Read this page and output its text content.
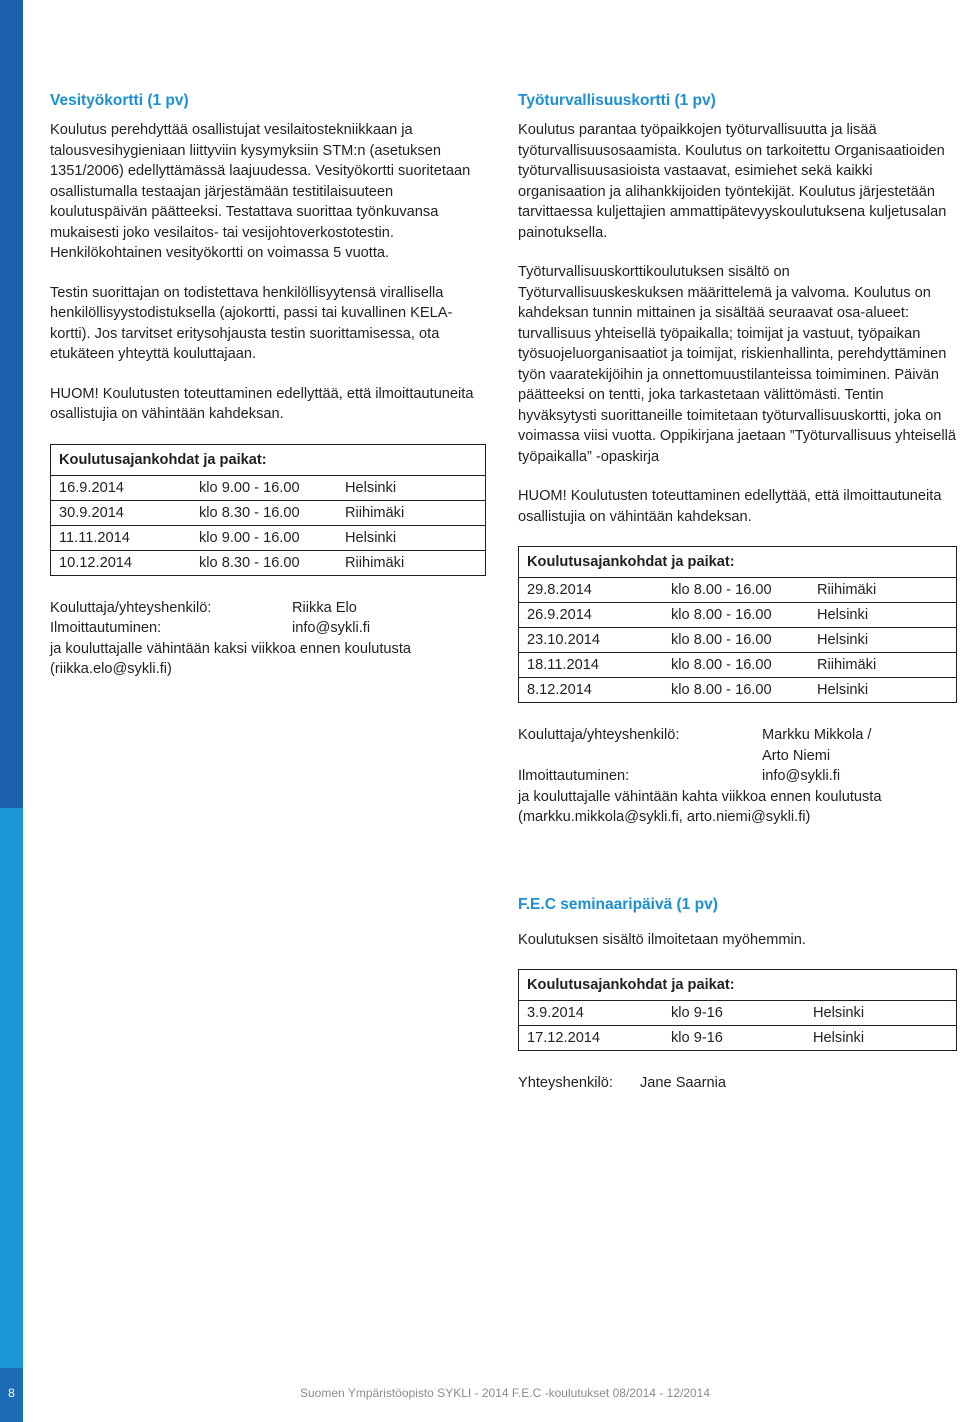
8	Suomen Ympäristöopisto SYKLI - 2014 F.E.C -koulutukset 08/2014 - 12/2014
Vesityökortti (1 pv)

Koulutus perehdyttää osallistujat vesilaitostekniikkaan ja talousvesihygieniaan liittyviin kysymyksiin STM:n (asetuksen 1351/2006) edellyttämässä laajuudessa. Vesityökortti suoritetaan osallistumalla testaajan järjestämään testitilaisuuteen koulutuspäivän päätteeksi. Testattava suorittaa työnkuvansa mukaisesti joko vesilaitos- tai vesijohtoverkostotestin. Henkilökohtainen vesityökortti on voimassa 5 vuotta.

Testin suorittajan on todistettava henkilöllisyytensä virallisella henkilöllisyystodistuksella (ajokortti, passi tai kuvallinen KELA-kortti). Jos tarvitset eritysohjausta testin suorittamisessa, ota etukäteen yhteyttä kouluttajaan.

HUOM! Koulutusten toteuttaminen edellyttää, että ilmoittautuneita osallistujia on vähintään kahdeksan.

Koulutusajankohdat ja paikat:		
16.9.2014	klo 9.00 - 16.00	Helsinki
30.9.2014	klo 8.30 - 16.00	Riihimäki
11.11.2014	klo 9.00 - 16.00	Helsinki
10.12.2014	klo 8.30 - 16.00	Riihimäki
Kouluttaja/yhteyshenkilö:	Riikka Elo
Ilmoittautuminen:	info@sykli.fi
ja kouluttajalle vähintään kaksi viikkoa ennen koulutusta (riikka.elo@sykli.fi)
Työturvallisuuskortti (1 pv)

Koulutus parantaa työpaikkojen työturvallisuutta ja lisää työturvallisuusosaamista. Koulutus on tarkoitettu Organisaatioiden työturvallisuusasioista vastaavat, esimiehet sekä kaikki organisaation ja alihankkijoiden työntekijät. Koulutus järjestetään tarvittaessa kuljettajien ammattipätevyyskoulutuksena kuljetusalan painotuksella.

Työturvallisuuskorttikoulutuksen sisältö on Työturvallisuuskeskuksen määrittelemä ja valvoma. Koulutus on kahdeksan tunnin mittainen ja sisältää seuraavat osa-alueet: turvallisuus yhteisellä työpaikalla; toimijat ja vastuut, työpaikan työsuojeluorganisaatiot ja toimijat, riskienhallinta, perehdyttäminen työn vaaratekijöihin ja onnettomuustilanteissa toimiminen. Päivän päätteeksi on tentti, joka tarkastetaan välittömästi. Tentin hyväksytysti suorittaneille toimitetaan työturvallisuuskortti, joka on voimassa viisi vuotta. Oppikirjana jaetaan ”Työturvallisuus yhteisellä työpaikalla” -opaskirja

HUOM! Koulutusten toteuttaminen edellyttää, että ilmoittautuneita osallistujia on vähintään kahdeksan.

Koulutusajankohdat ja paikat:		
29.8.2014	klo 8.00 - 16.00	Riihimäki
26.9.2014	klo 8.00 - 16.00	Helsinki
23.10.2014	klo 8.00 - 16.00	Helsinki
18.11.2014	klo 8.00 - 16.00	Riihimäki
8.12.2014	klo 8.00 - 16.00	Helsinki
Kouluttaja/yhteyshenkilö:	Markku Mikkola /
Arto Niemi
Ilmoittautuminen:	info@sykli.fi
ja kouluttajalle vähintään kahta viikkoa ennen koulutusta (markku.mikkola@sykli.fi, arto.niemi@sykli.fi)
F.E.C seminaaripäivä (1 pv)

Koulutuksen sisältö ilmoitetaan myöhemmin.

Koulutusajankohdat ja paikat:		
3.9.2014	klo 9-16	Helsinki
17.12.2014	klo 9-16	Helsinki
Yhteyshenkilö:	Jane Saarnia
